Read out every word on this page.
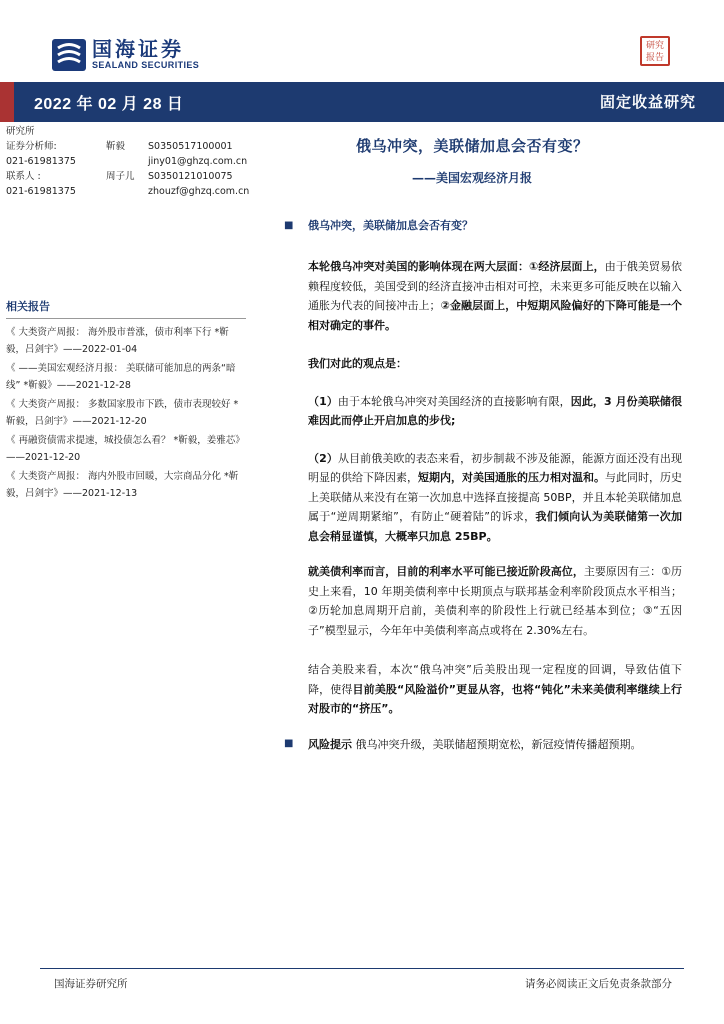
国海证券
SEALAND SECURITIES
研究报告
2022 年 02 月 28 日	固定收益研究
研究所
证券分析师:	靳毅	S0350517100001
021-61981375	jiny01@ghzq.com.cn
联系人 :	周子儿	S0350121010075
021-61981375	zhouzf@ghzq.com.cn
俄乌冲突，美联储加息会否有变？
——美国宏观经济月报
相关报告
《 大类资产周报： 海外股市普涨，债市利率下行 *靳毅，吕剑宇》——2022-01-04
《 ——美国宏观经济月报： 美联储可能加息的两条“暗线” *靳毅》——2021-12-28
《 大类资产周报： 多数国家股市下跌，债市表现较好 *靳毅，吕剑宇》——2021-12-20
《 再融资债需求提速，城投债怎么看？ *靳毅，姜雅芯》——2021-12-20
《 大类资产周报： 海内外股市回暖，大宗商品分化 *靳毅，吕剑宇》——2021-12-13
■	俄乌冲突，美联储加息会否有变？

本轮俄乌冲突对美国的影响体现在两大层面：①经济层面上，由于俄美贸易依赖程度较低，美国受到的经济直接冲击相对可控，未来更多可能反映在以输入通胀为代表的间接冲击上；②金融层面上，中短期风险偏好的下降可能是一个相对确定的事件。

我们对此的观点是：

（1）由于本轮俄乌冲突对美国经济的直接影响有限，因此，3 月份美联储很难因此而停止开启加息的步伐;

（2）从目前俄美欧的表态来看，初步制裁不涉及能源，能源方面还没有出现明显的供给下降因素，短期内，对美国通胀的压力相对温和。与此同时，历史上美联储从来没有在第一次加息中选择直接提高 50BP，并且本轮美联储加息属于“逆周期紧缩”，有防止“硬着陆”的诉求，我们倾向认为美联储第一次加息会稍显谨慎，大概率只加息 25BP。

就美债利率而言，目前的利率水平可能已接近阶段高位，主要原因有三：①历史上来看，10 年期美债利率中长期顶点与联邦基金利率阶段顶点水平相当；②历轮加息周期开启前，美债利率的阶段性上行就已经基本到位；③“五因子”模型显示，今年年中美债利率高点或将在 2.30%左右。

结合美股来看，本次“俄乌冲突”后美股出现一定程度的回调，导致估值下降，使得目前美股“风险溢价”更显从容，也将“钝化”未来美债利率继续上行对股市的“挤压”。

■	风险提示 俄乌冲突升级，美联储超预期宽松，新冠疫情传播超预期。

国海证券研究所	请务必阅读正文后免责条款部分
